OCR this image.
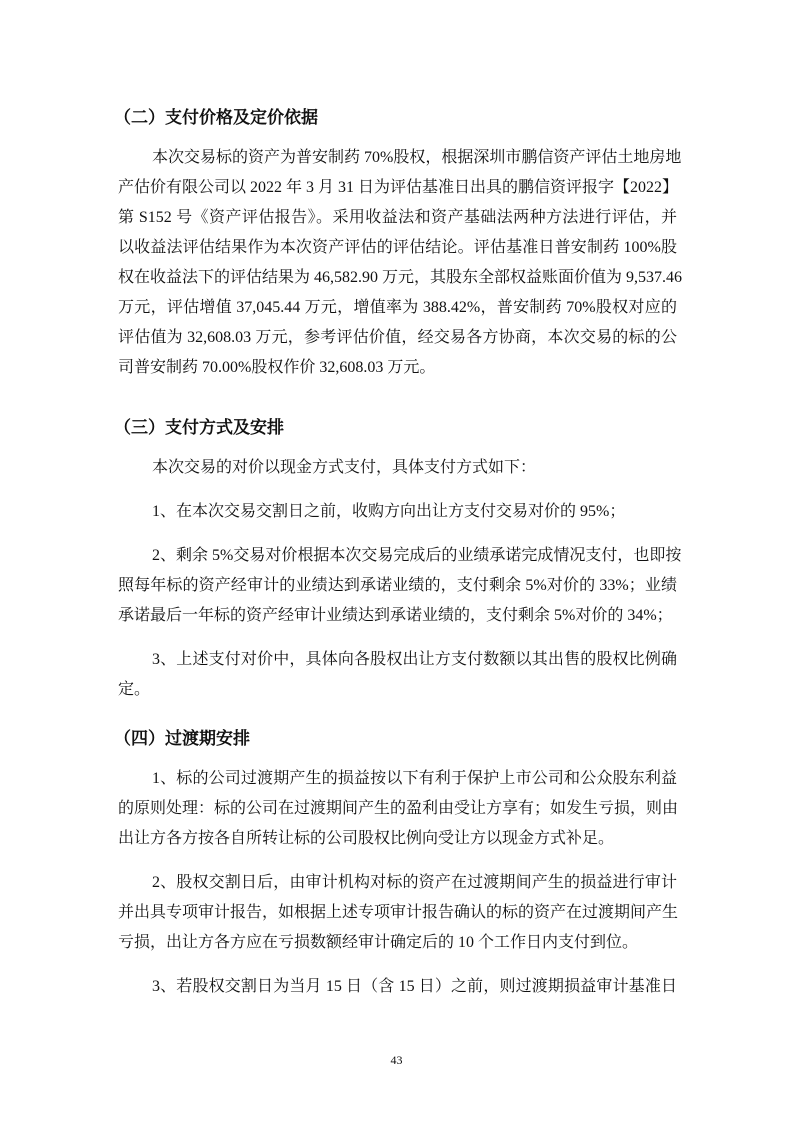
（二）支付价格及定价依据
本次交易标的资产为普安制药 70%股权，根据深圳市鹏信资产评估土地房地
产估价有限公司以 2022 年 3 月 31 日为评估基准日出具的鹏信资评报字【2022】
第 S152 号《资产评估报告》。采用收益法和资产基础法两种方法进行评估，并
以收益法评估结果作为本次资产评估的评估结论。评估基准日普安制药 100%股
权在收益法下的评估结果为 46,582.90 万元，其股东全部权益账面价值为 9,537.46
万元，评估增值 37,045.44 万元，增值率为 388.42%，普安制药 70%股权对应的
评估值为 32,608.03 万元，参考评估价值，经交易各方协商，本次交易的标的公
司普安制药 70.00%股权作价 32,608.03 万元。
（三）支付方式及安排
本次交易的对价以现金方式支付，具体支付方式如下：
1、在本次交易交割日之前，收购方向出让方支付交易对价的 95%；
2、剩余 5%交易对价根据本次交易完成后的业绩承诺完成情况支付，也即按
照每年标的资产经审计的业绩达到承诺业绩的，支付剩余 5%对价的 33%；业绩
承诺最后一年标的资产经审计业绩达到承诺业绩的，支付剩余 5%对价的 34%；
3、上述支付对价中，具体向各股权出让方支付数额以其出售的股权比例确
定。
（四）过渡期安排
1、标的公司过渡期产生的损益按以下有利于保护上市公司和公众股东利益
的原则处理：标的公司在过渡期间产生的盈利由受让方享有；如发生亏损，则由
出让方各方按各自所转让标的公司股权比例向受让方以现金方式补足。
2、股权交割日后，由审计机构对标的资产在过渡期间产生的损益进行审计
并出具专项审计报告，如根据上述专项审计报告确认的标的资产在过渡期间产生
亏损，出让方各方应在亏损数额经审计确定后的 10 个工作日内支付到位。
3、若股权交割日为当月 15 日（含 15 日）之前，则过渡期损益审计基准日
43
